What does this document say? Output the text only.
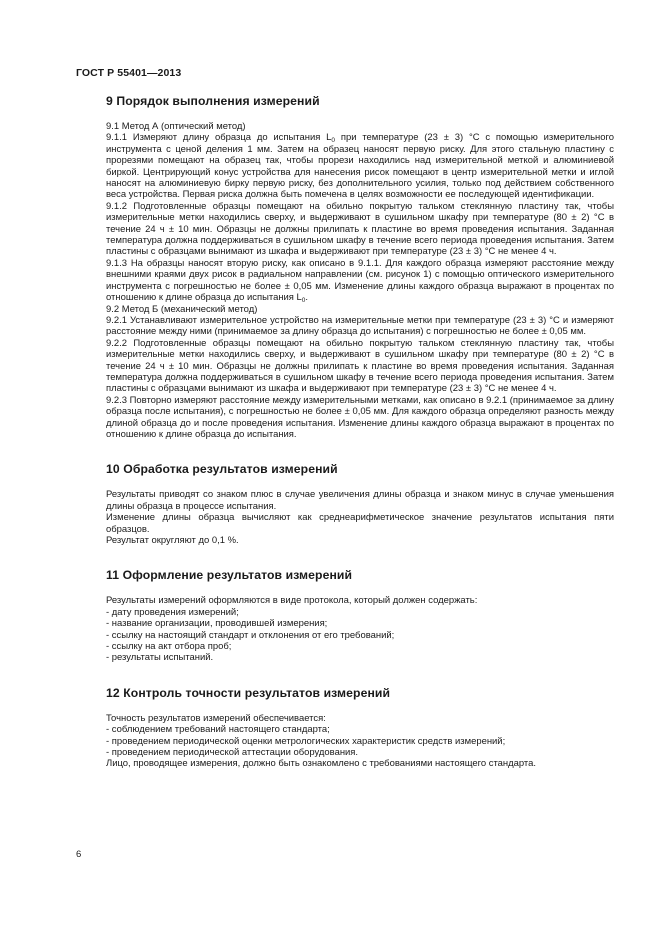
ГОСТ Р 55401—2013
9 Порядок выполнения измерений

9.1 Метод А (оптический метод)

9.1.1 Измеряют длину образца до испытания $L_0$ при температуре (23 ± 3) °С с помощью измерительного инструмента с ценой деления 1 мм. Затем на образец наносят первую риску. Для этого стальную пластину с прорезями помещают на образец так, чтобы прорези находились над измерительной меткой и алюминиевой биркой. Центрирующий конус устройства для нанесения рисок помещают в центр измерительной метки и иглой наносят на алюминиевую бирку первую риску, без дополнительного усилия, только под действием собственного веса устройства. Первая риска должна быть помечена в целях возможности ее последующей идентификации.

9.1.2 Подготовленные образцы помещают на обильно покрытую тальком стеклянную пластину так, чтобы измерительные метки находились сверху, и выдерживают в сушильном шкафу при температуре (80 ± 2) °С в течение 24 ч ± 10 мин. Образцы не должны прилипать к пластине во время проведения испытания. Заданная температура должна поддерживаться в сушильном шкафу в течение всего периода проведения испытания. Затем пластины с образцами вынимают из шкафа и выдерживают при температуре (23 ± 3) °С не менее 4 ч.

9.1.3 На образцы наносят вторую риску, как описано в 9.1.1. Для каждого образца измеряют расстояние между внешними краями двух рисок в радиальном направлении (см. рисунок 1) с помощью оптического измерительного инструмента с погрешностью не более ± 0,05 мм. Изменение длины каждого образца выражают в процентах по отношению к длине образца до испытания $L_0$.

9.2 Метод Б (механический метод)

9.2.1 Устанавливают измерительное устройство на измерительные метки при температуре (23 ± 3) °С и измеряют расстояние между ними (принимаемое за длину образца до испытания) с погрешностью не более ± 0,05 мм.

9.2.2 Подготовленные образцы помещают на обильно покрытую тальком стеклянную пластину так, чтобы измерительные метки находились сверху, и выдерживают в сушильном шкафу при температуре (80 ± 2) °С в течение 24 ч ± 10 мин. Образцы не должны прилипать к пластине во время проведения испытания. Заданная температура должна поддерживаться в сушильном шкафу в течение всего периода проведения испытания. Затем пластины с образцами вынимают из шкафа и выдерживают при температуре (23 ± 3) °С не менее 4 ч.

9.2.3 Повторно измеряют расстояние между измерительными метками, как описано в 9.2.1 (принимаемое за длину образца после испытания), с погрешностью не более ± 0,05 мм. Для каждого образца определяют разность между длиной образца до и после проведения испытания. Изменение длины каждого образца выражают в процентах по отношению к длине образца до испытания.

10 Обработка результатов измерений

Результаты приводят со знаком плюс в случае увеличения длины образца и знаком минус в случае уменьшения длины образца в процессе испытания.

Изменение длины образца вычисляют как среднеарифметическое значение результатов испытания пяти образцов.

Результат округляют до 0,1 %.

11 Оформление результатов измерений

Результаты измерений оформляются в виде протокола, который должен содержать:

- дату проведения измерений;

- название организации, проводившей измерения;

- ссылку на настоящий стандарт и отклонения от его требований;

- ссылку на акт отбора проб;

- результаты испытаний.

12 Контроль точности результатов измерений

Точность результатов измерений обеспечивается:

- соблюдением требований настоящего стандарта;

- проведением периодической оценки метрологических характеристик средств измерений;

- проведением периодической аттестации оборудования.

Лицо, проводящее измерения, должно быть ознакомлено с требованиями настоящего стандарта.

6
